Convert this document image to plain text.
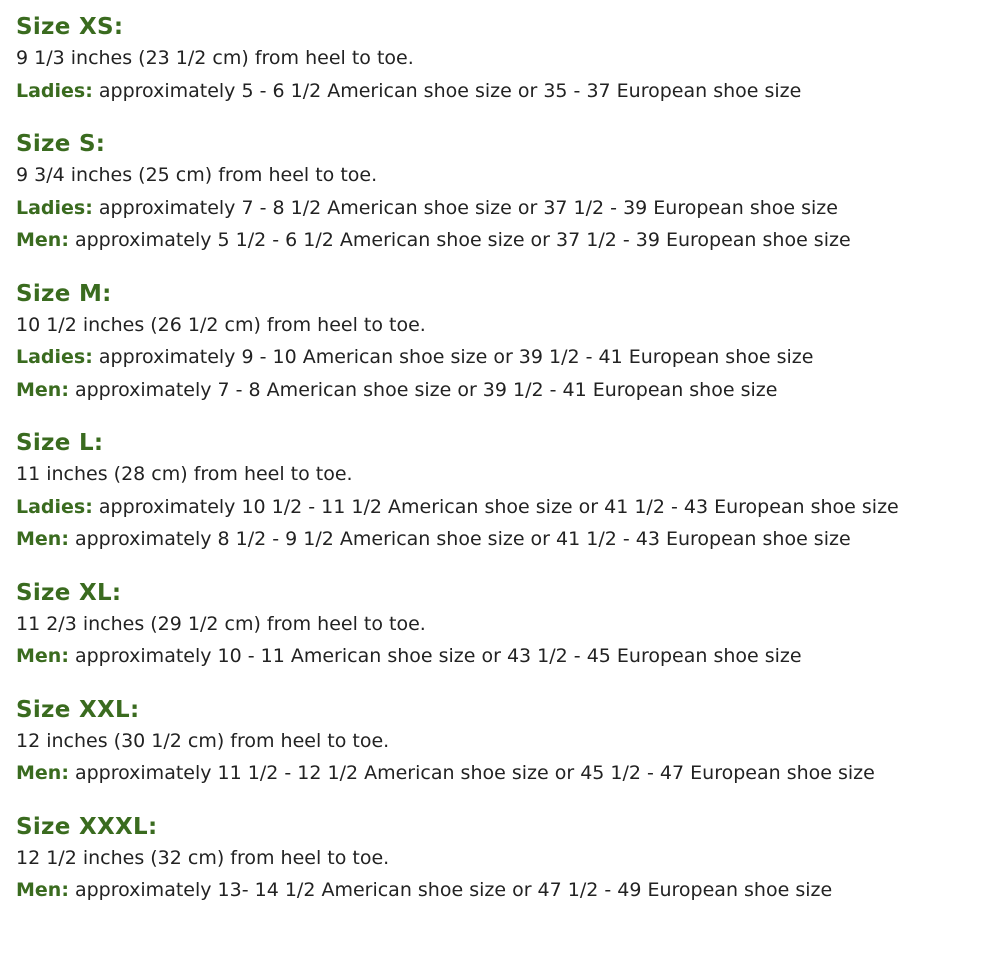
Size XS:
9 1/3 inches (23 1/2 cm) from heel to toe.
Ladies: approximately 5 - 6 1/2 American shoe size or 35 - 37 European shoe size
Size S:
9 3/4 inches (25 cm) from heel to toe.
Ladies: approximately 7 - 8 1/2 American shoe size or 37 1/2 - 39 European shoe size
Men: approximately 5 1/2 - 6 1/2 American shoe size or 37 1/2 - 39 European shoe size
Size M:
10 1/2 inches (26 1/2 cm) from heel to toe.
Ladies: approximately 9 - 10 American shoe size or 39 1/2 - 41 European shoe size
Men: approximately 7 - 8 American shoe size or 39 1/2 - 41 European shoe size
Size L:
11 inches (28 cm) from heel to toe.
Ladies: approximately 10 1/2 - 11 1/2 American shoe size or 41 1/2 - 43 European shoe size
Men: approximately 8 1/2 - 9 1/2 American shoe size or 41 1/2 - 43 European shoe size
Size XL:
11 2/3 inches (29 1/2 cm) from heel to toe.
Men: approximately 10 - 11 American shoe size or 43 1/2 - 45 European shoe size
Size XXL:
12 inches (30 1/2 cm) from heel to toe.
Men: approximately 11 1/2 - 12 1/2 American shoe size or 45 1/2 - 47 European shoe size
Size XXXL:
12 1/2 inches (32 cm) from heel to toe.
Men: approximately 13- 14 1/2 American shoe size or 47 1/2 - 49 European shoe size
